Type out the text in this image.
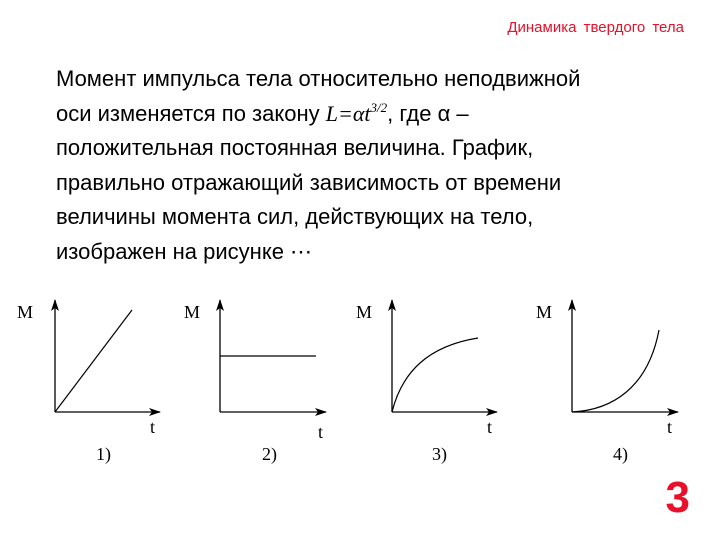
Динамика твердого тела
Момент импульса тела относительно неподвижной
оси изменяется по закону $L=\alpha t^{3/2}$, где α –
положительная постоянная величина. График,
правильно отражающий зависимость от времени
величины момента сил, действующих на тело,
изображен на рисунке ⋯
M
t
1)
M
t
2)
M
t
3)
M
t
4)
3
